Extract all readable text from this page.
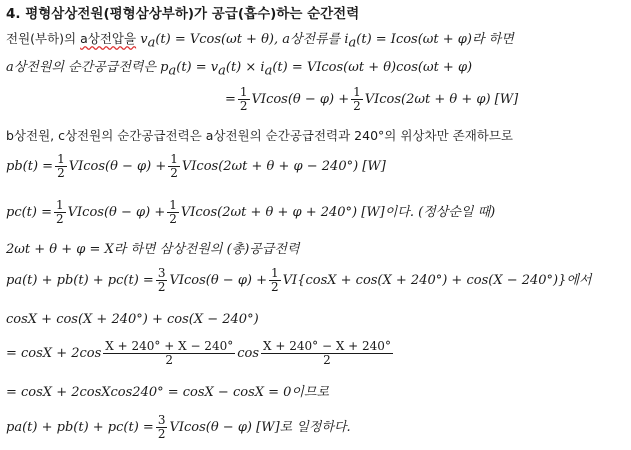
4. 평형삼상전원(평형삼상부하)가 공급(흡수)하는 순간전력
전원(부하)의 a상전압을 $v_a(t) = Vcos(\omega t + \theta)$, a상전류를 $i_a(t) = Icos(\omega t + \varphi)$라 하면
a상전원의 순간공급전력은 $p_a(t) = v_a(t) \times i_a(t) = VIcos(\omega t + \theta)\cos(\omega t + \varphi)$
= $\frac{1}{2} VIcos(\theta - \varphi) + \frac{1}{2} VIcos(2\omega t + \theta + \varphi)$ [W]
b상전원, c상전원의 순간공급전력은 a상전원의 순간공급전력과 240°의 위상차만 존재하므로
p b $(t) = \frac{1}{2} VIcos(\theta - \varphi) + \frac{1}{2} VIcos(2\omega t + \theta + \varphi - 240^\circ)$ [W]
p c $(t) = \frac{1}{2} VIcos(\theta - \varphi) + \frac{1}{2} VIcos(2\omega t + \theta + \varphi + 240^\circ)$ [W]이다. (정상순일 때)
2ωt + θ + φ = X라 하면 삼상전원의 (총)공급전력
p a (t) + p b (t) + p c $(t) = \frac{3}{2} VIcos(\theta - \varphi) + \frac{1}{2} VI\{\cos X + \cos(X + 240^\circ) + \cos(X - 240^\circ)\}$에서
cosX + cos(X + 240°) + cos(X − 240°)
= $\cos X + 2\cos \frac{X + 240^\circ + X - 240^\circ}{2}$ $\cos \frac{X + 240^\circ - X + 240^\circ}{2}$
= cosX + 2cosXcos240° = cosX − cosX = 0이므로
p a (t) + p b (t) + p c $(t) = \frac{3}{2} VIcos(\theta - \varphi)$ [W]로 일정하다.
